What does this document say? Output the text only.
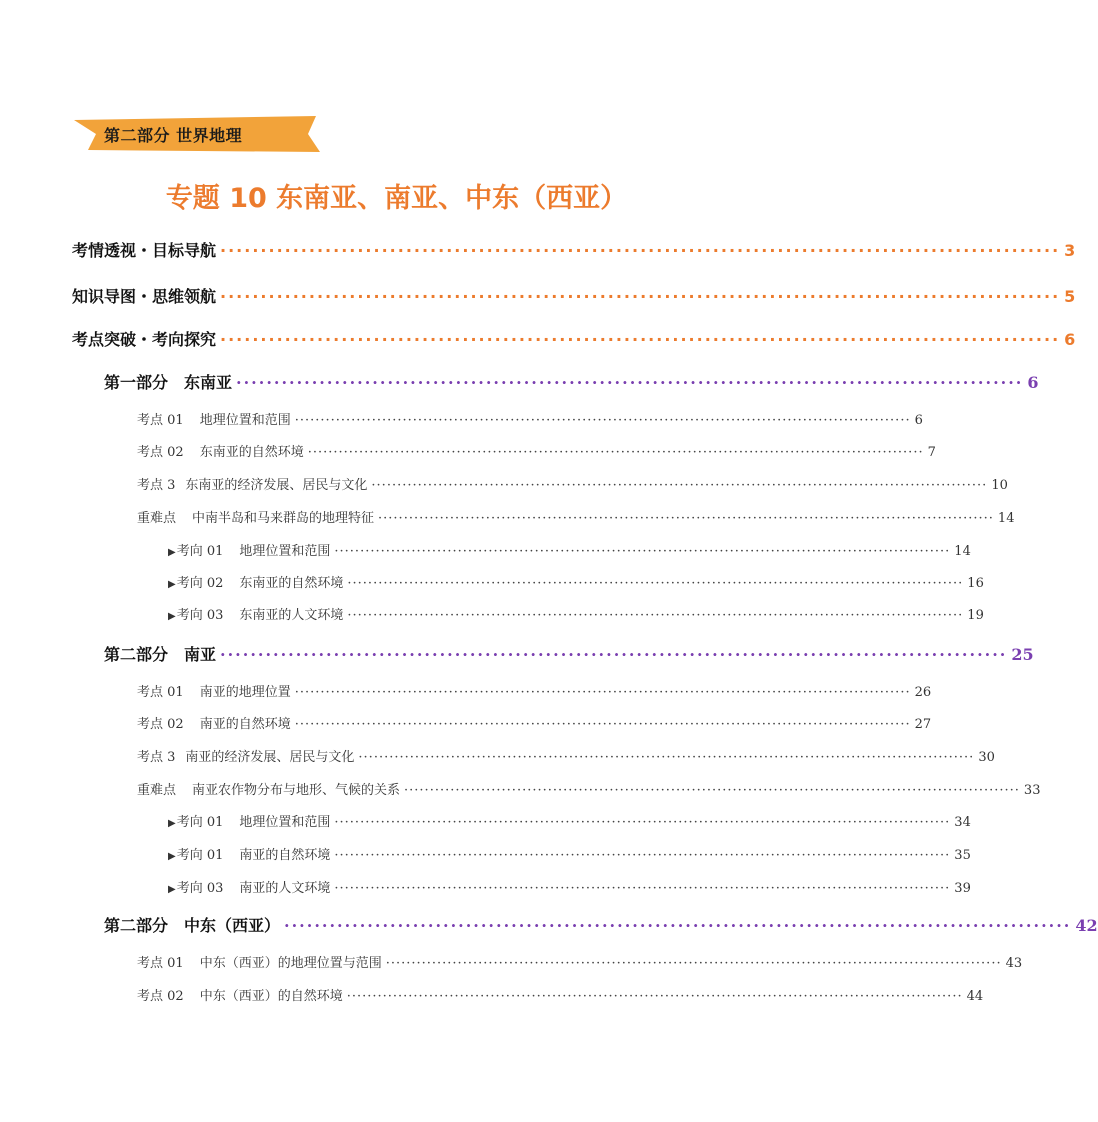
第二部分 世界地理
专题 10 东南亚、南亚、中东（西亚）
考情透视・目标导航 ········································································································ 3
知识导图・思维领航 ········································································································ 5
考点突破・考向探究 ········································································································ 6
第一部分 东南亚 ········································································································ 6
考点 01 地理位置和范围 ························································································································ 6
考点 02 东南亚的自然环境 ························································································································ 7
考点 3 东南亚的经济发展、居民与文化 ························································································································ 10
重难点 中南半岛和马来群岛的地理特征 ························································································································ 14
▶考向 01 地理位置和范围 ························································································································ 14
▶考向 02 东南亚的自然环境 ························································································································ 16
▶考向 03 东南亚的人文环境 ························································································································ 19
第二部分 南亚 ········································································································ 25
考点 01 南亚的地理位置 ························································································································ 26
考点 02 南亚的自然环境 ························································································································ 27
考点 3 南亚的经济发展、居民与文化 ························································································································ 30
重难点 南亚农作物分布与地形、气候的关系 ························································································································ 33
▶考向 01 地理位置和范围 ························································································································ 34
▶考向 01 南亚的自然环境 ························································································································ 35
▶考向 03 南亚的人文环境 ························································································································ 39
第二部分 中东（西亚） ········································································································ 42
考点 01 中东（西亚）的地理位置与范围 ························································································································ 43
考点 02 中东（西亚）的自然环境 ························································································································ 44
